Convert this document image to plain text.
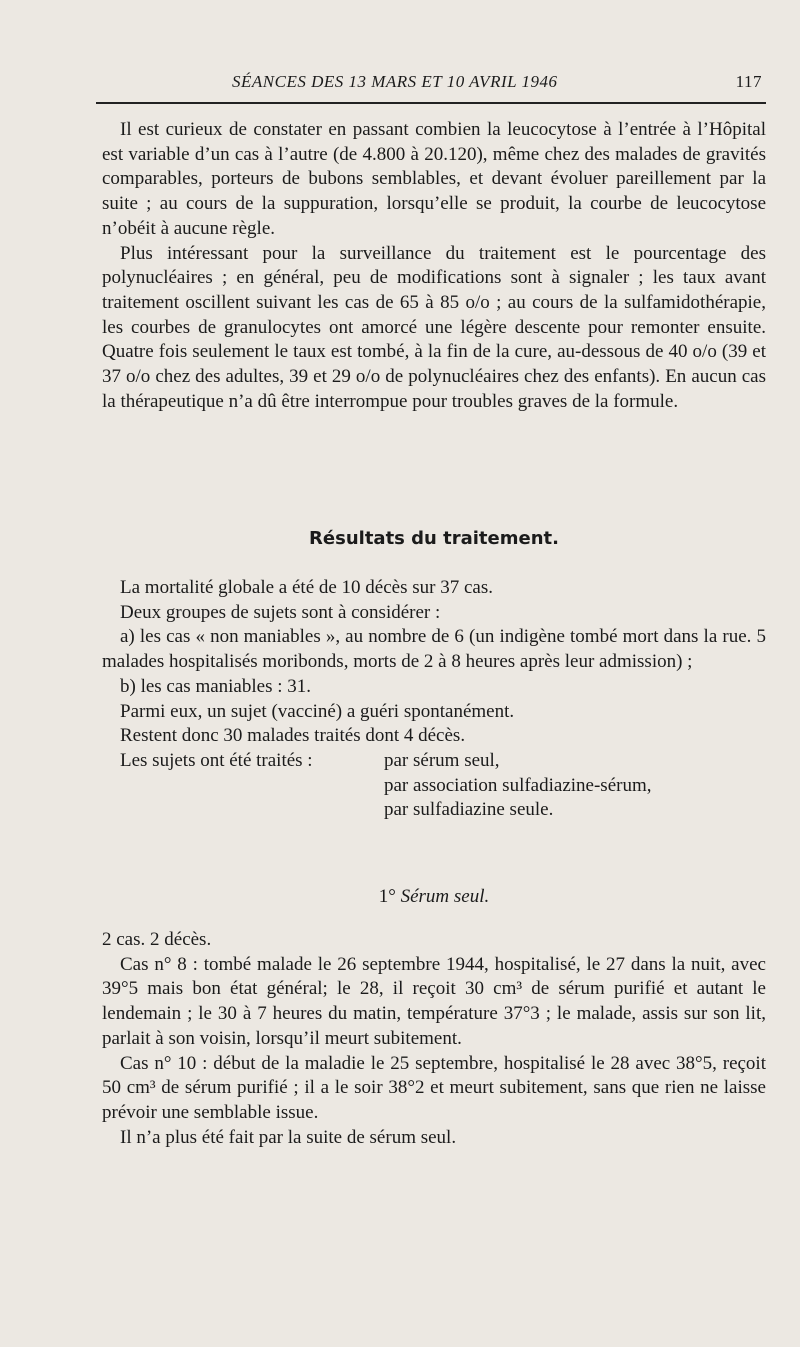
SÉANCES DES 13 MARS ET 10 AVRIL 1946	117

Il est curieux de constater en passant combien la leucocytose à l’entrée à l’Hôpital est variable d’un cas à l’autre (de 4.800 à 20.120), même chez des malades de gravités comparables, porteurs de bubons semblables, et devant évoluer pareillement par la suite ; au cours de la suppuration, lorsqu’elle se produit, la courbe de leucocytose n’obéit à aucune règle.

Plus intéressant pour la surveillance du traitement est le pourcentage des polynucléaires ; en général, peu de modifications sont à signaler ; les taux avant traitement oscillent suivant les cas de 65 à 85 o/o ; au cours de la sulfamidothérapie, les courbes de granulocytes ont amorcé une légère descente pour remonter ensuite. Quatre fois seulement le taux est tombé, à la fin de la cure, au-dessous de 40 o/o (39 et 37 o/o chez des adultes, 39 et 29 o/o de polynucléaires chez des enfants). En aucun cas la thérapeutique n’a dû être interrompue pour troubles graves de la formule.

Résultats du traitement.

La mortalité globale a été de 10 décès sur 37 cas.

Deux groupes de sujets sont à considérer :

a) les cas « non maniables », au nombre de 6 (un indigène tombé mort dans la rue. 5 malades hospitalisés moribonds, morts de 2 à 8 heures après leur admission) ;

b) les cas maniables : 31.

Parmi eux, un sujet (vacciné) a guéri spontanément.

Restent donc 30 malades traités dont 4 décès.

Les sujets ont été traités :	par sérum seul,

par association sulfadiazine-sérum,

par sulfadiazine seule.

1° Sérum seul.

2 cas. 2 décès.

Cas n° 8 : tombé malade le 26 septembre 1944, hospitalisé, le 27 dans la nuit, avec 39°5 mais bon état général; le 28, il reçoit 30 cm³ de sérum purifié et autant le lendemain ; le 30 à 7 heures du matin, température 37°3 ; le malade, assis sur son lit, parlait à son voisin, lorsqu’il meurt subitement.

Cas n° 10 : début de la maladie le 25 septembre, hospitalisé le 28 avec 38°5, reçoit 50 cm³ de sérum purifié ; il a le soir 38°2 et meurt subitement, sans que rien ne laisse prévoir une semblable issue.

Il n’a plus été fait par la suite de sérum seul.
